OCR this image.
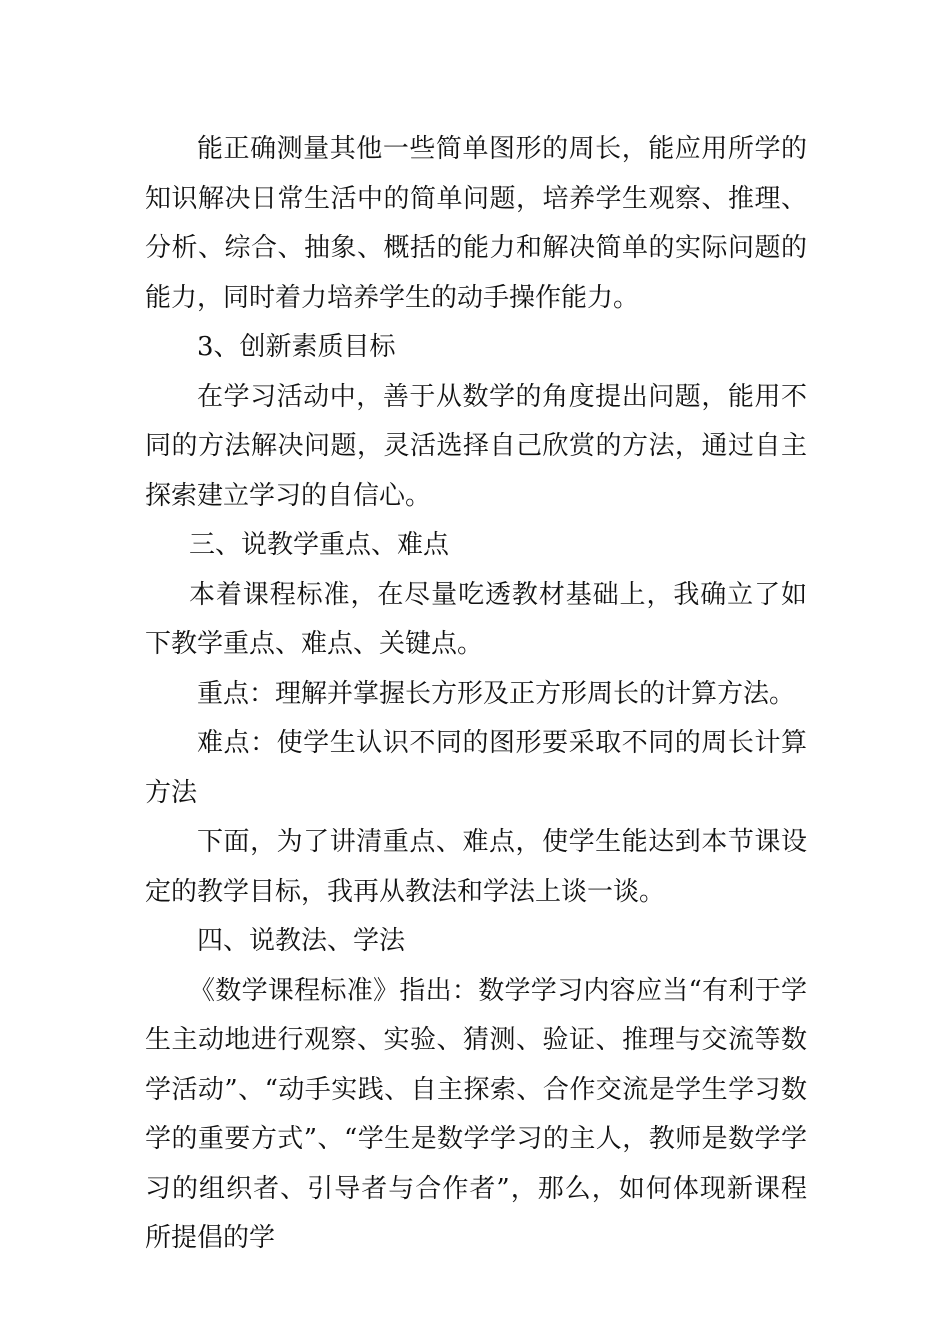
能正确测量其他一些简单图形的周长，能应用所学的知识解决日常生活中的简单问题，培养学生观察、推理、分析、综合、抽象、概括的能力和解决简单的实际问题的能力，同时着力培养学生的动手操作能力。

3、创新素质目标

在学习活动中，善于从数学的角度提出问题，能用不同的方法解决问题，灵活选择自己欣赏的方法，通过自主探索建立学习的自信心。

三、说教学重点、难点

本着课程标准，在尽量吃透教材基础上，我确立了如下教学重点、难点、关键点。

重点：理解并掌握长方形及正方形周长的计算方法。

难点：使学生认识不同的图形要采取不同的周长计算方法

下面，为了讲清重点、难点，使学生能达到本节课设定的教学目标，我再从教法和学法上谈一谈。

四、说教法、学法

《数学课程标准》指出：数学学习内容应当“有利于学生主动地进行观察、实验、猜测、验证、推理与交流等数学活动”、“动手实践、自主探索、合作交流是学生学习数学的重要方式”、“学生是数学学习的主人，教师是数学学习的组织者、引导者与合作者”，那么，如何体现新课程所提倡的学
